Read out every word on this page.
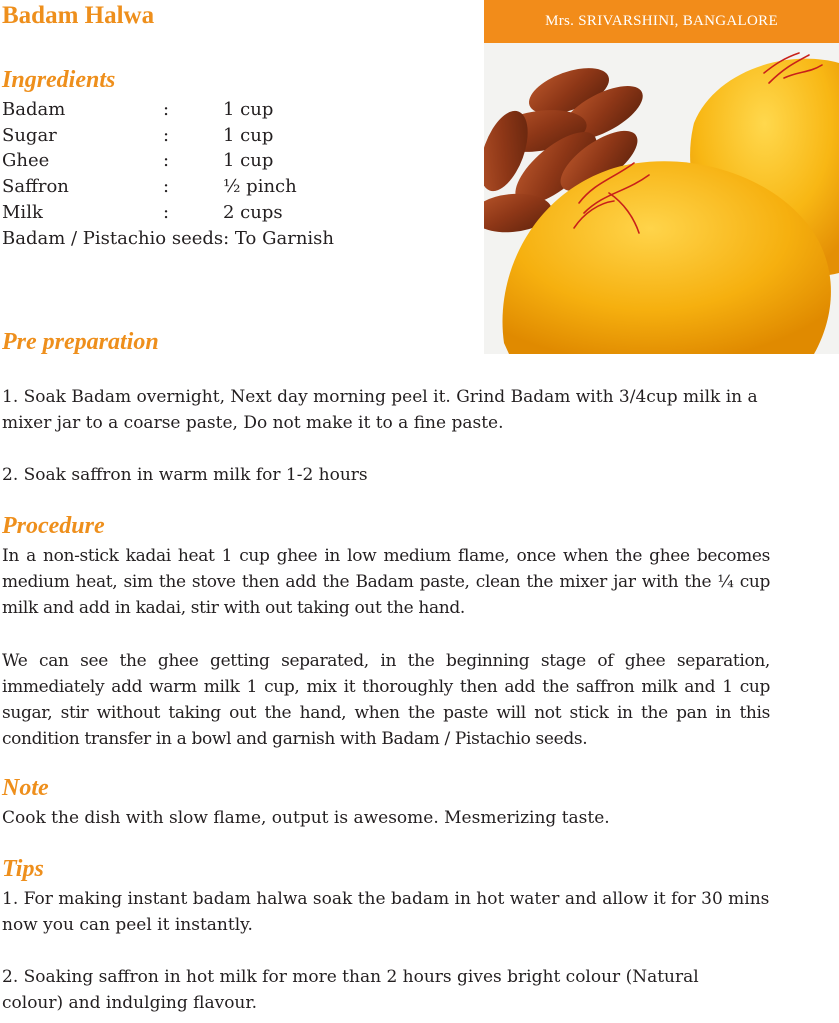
Badam Halwa	Mrs. SRIVARSHINI, BANGALORE
Ingredients
Badam	:	1 cup
Sugar	:	1 cup
Ghee	:	1 cup
Saffron	:	½ pinch
Milk	:	2 cups
Badam / Pistachio seeds: To Garnish
Pre preparation

1. Soak Badam overnight, Next day morning peel it. Grind Badam with 3/4cup milk in a mixer jar to a coarse paste, Do not make it to a fine paste.

2. Soak saffron in warm milk for 1-2 hours

Procedure

In a non-stick kadai heat 1 cup ghee in low medium flame, once when the ghee becomes medium heat, sim the stove then add the Badam paste, clean the mixer jar with the ¼ cup milk and add in kadai, stir with out taking out the hand.

We can see the ghee getting separated, in the beginning stage of ghee separation, immediately add warm milk 1 cup, mix it thoroughly then add the saffron milk and 1 cup sugar, stir without taking out the hand, when the paste will not stick in the pan in this condition transfer in a bowl and garnish with Badam / Pistachio seeds.

Note

Cook the dish with slow flame, output is awesome. Mesmerizing taste.

Tips

1. For making instant badam halwa soak the badam in hot water and allow it for 30 mins now you can peel it instantly.

2. Soaking saffron in hot milk for more than 2 hours gives bright colour (Natural colour) and indulging flavour.
